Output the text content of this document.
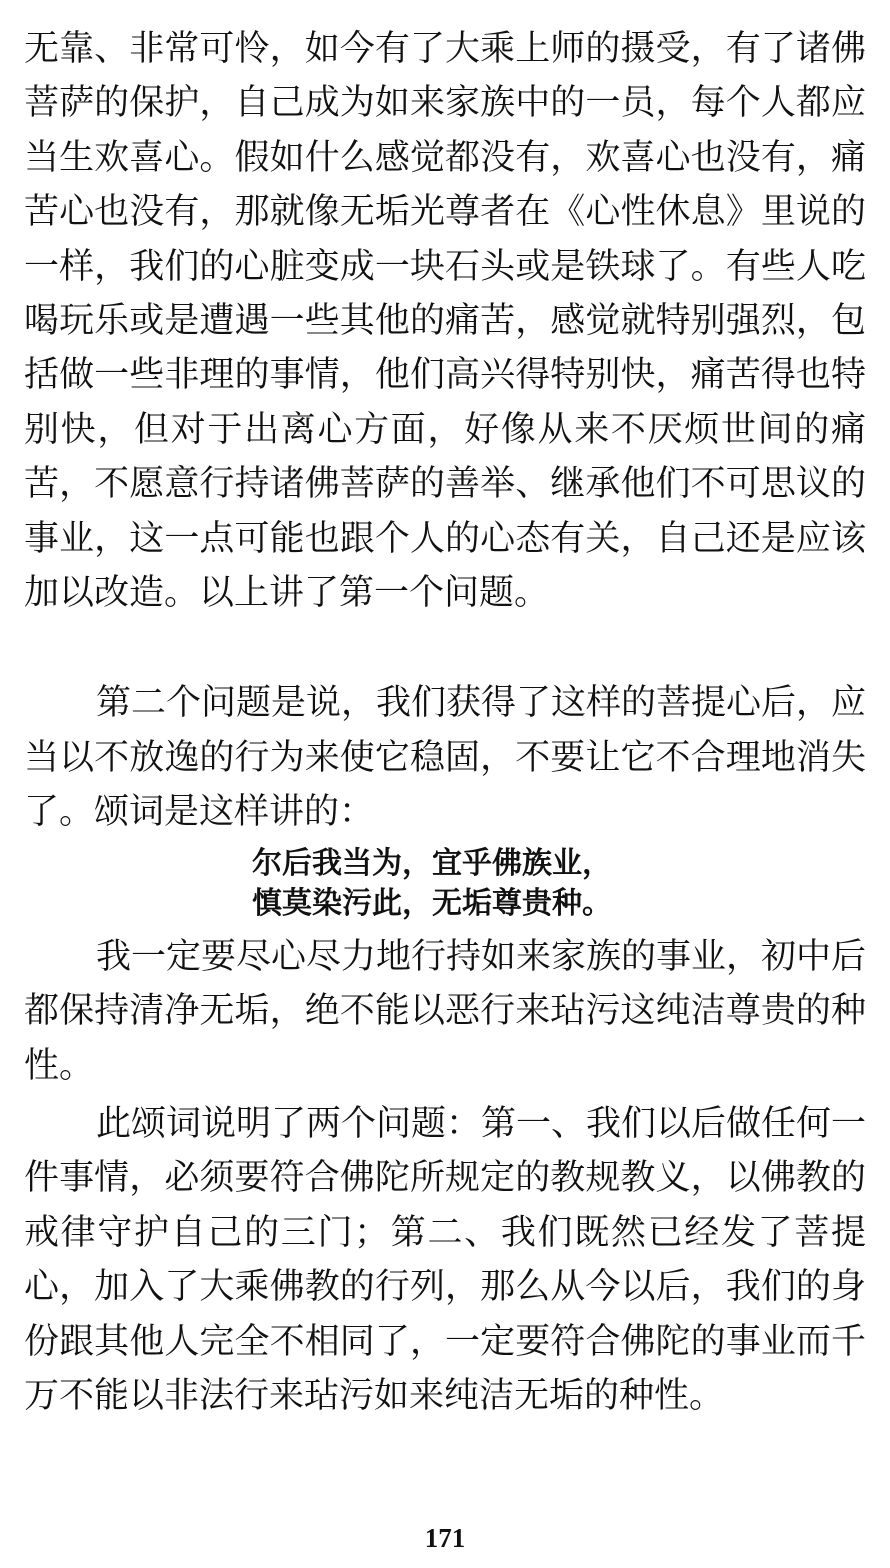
无靠、非常可怜，如今有了大乘上师的摄受，有了诸佛菩萨的保护，自己成为如来家族中的一员，每个人都应当生欢喜心。假如什么感觉都没有，欢喜心也没有，痛苦心也没有，那就像无垢光尊者在《心性休息》里说的一样，我们的心脏变成一块石头或是铁球了。有些人吃喝玩乐或是遭遇一些其他的痛苦，感觉就特别强烈，包括做一些非理的事情，他们高兴得特别快，痛苦得也特别快，但对于出离心方面，好像从来不厌烦世间的痛苦，不愿意行持诸佛菩萨的善举、继承他们不可思议的事业，这一点可能也跟个人的心态有关，自己还是应该加以改造。以上讲了第一个问题。

第二个问题是说，我们获得了这样的菩提心后，应当以不放逸的行为来使它稳固，不要让它不合理地消失了。颂词是这样讲的：

尔后我当为，宜乎佛族业，

慎莫染污此，无垢尊贵种。

我一定要尽心尽力地行持如来家族的事业，初中后都保持清净无垢，绝不能以恶行来玷污这纯洁尊贵的种性。

此颂词说明了两个问题：第一、我们以后做任何一件事情，必须要符合佛陀所规定的教规教义，以佛教的戒律守护自己的三门；第二、我们既然已经发了菩提心，加入了大乘佛教的行列，那么从今以后，我们的身份跟其他人完全不相同了，一定要符合佛陀的事业而千万不能以非法行来玷污如来纯洁无垢的种性。

171
